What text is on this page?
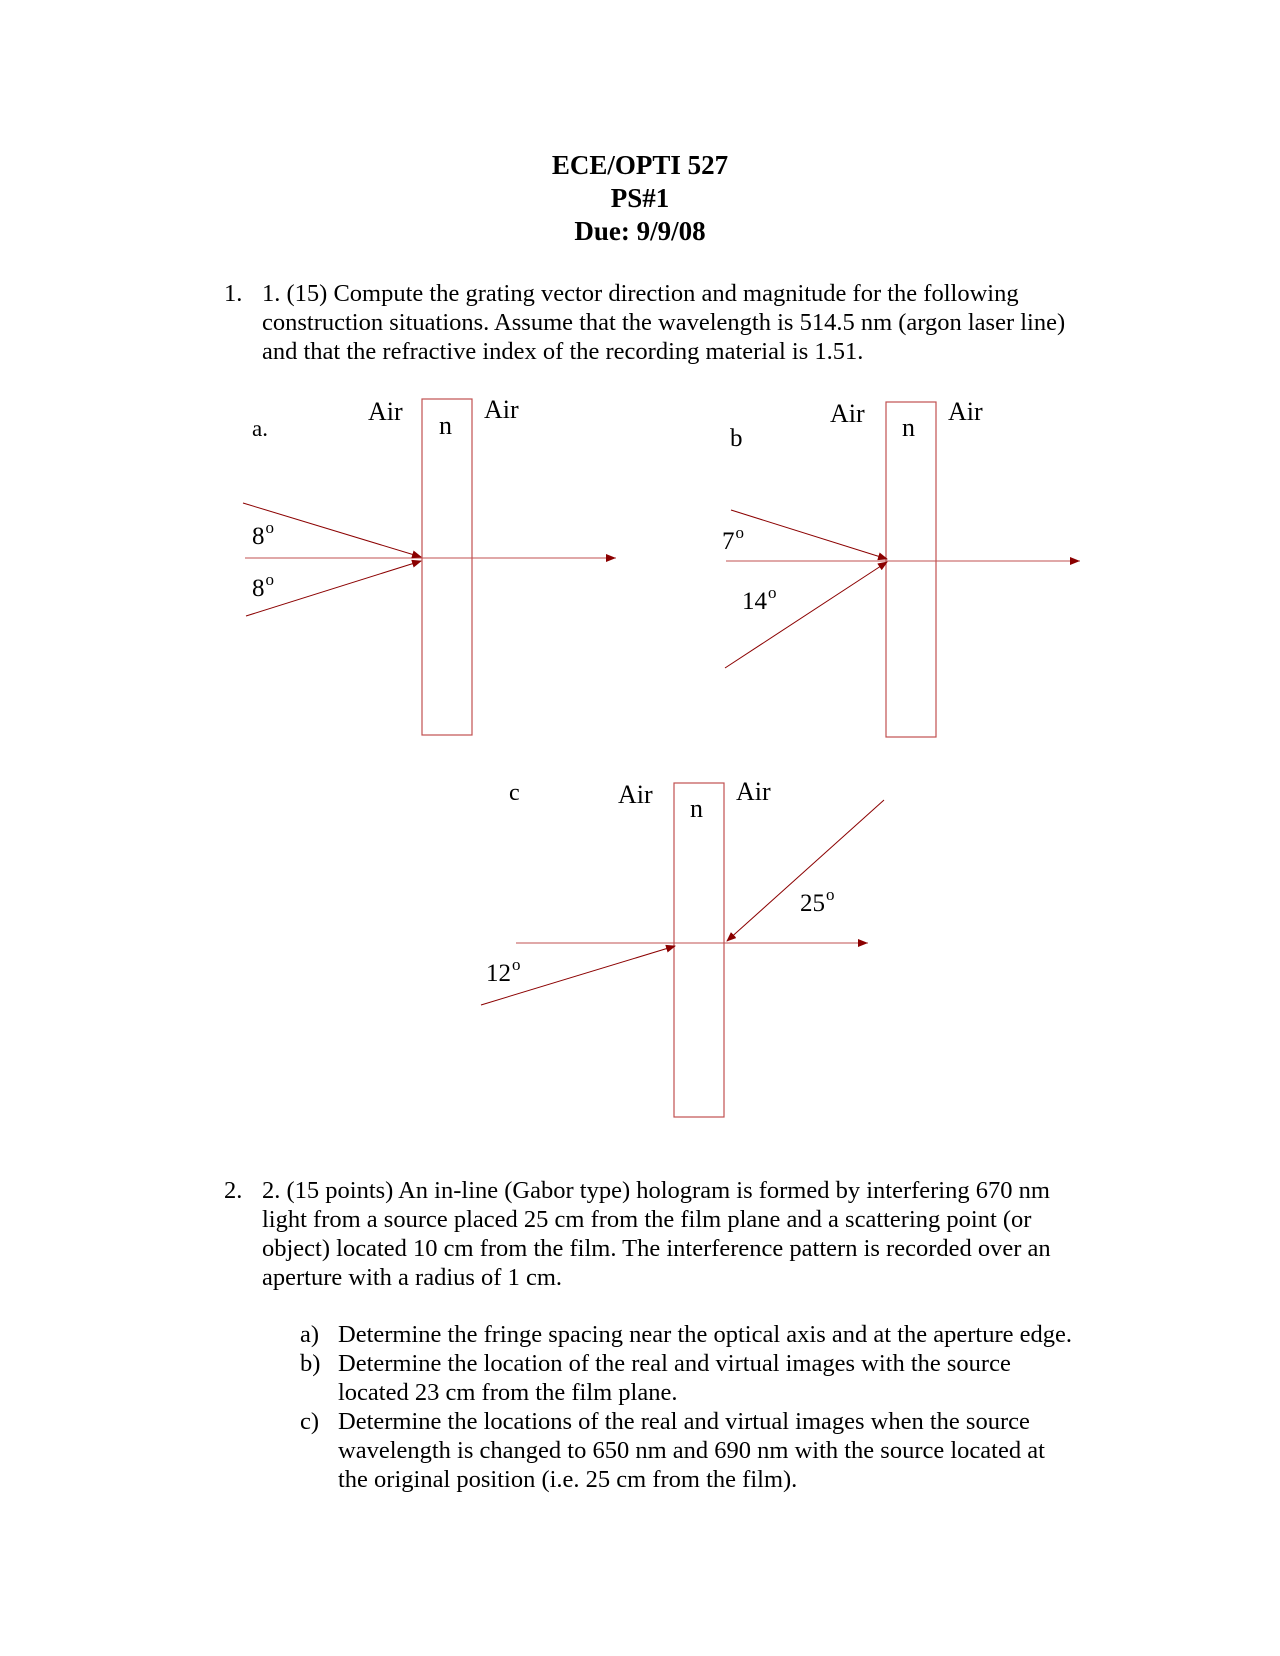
ECE/OPTI 527
PS#1
Due: 9/9/08
1. 1. (15) Compute the grating vector direction and magnitude for the following
construction situations. Assume that the wavelength is 514.5 nm (argon laser line)
and that the refractive index of the recording material is 1.51.
a.
Air n
Air
8$^o$
8$^o$
b
Air n
Air
7$^o$
14$^o$
c	Air n
Air
12$^o$
25$^o$
2. 2. (15 points) An in-line (Gabor type) hologram is formed by interfering 670 nm
light from a source placed 25 cm from the film plane and a scattering point (or
object) located 10 cm from the film. The interference pattern is recorded over an
aperture with a radius of 1 cm.
a) Determine the fringe spacing near the optical axis and at the aperture edge.
b) Determine the location of the real and virtual images with the source
located 23 cm from the film plane.
c) Determine the locations of the real and virtual images when the source
wavelength is changed to 650 nm and 690 nm with the source located at
the original position (i.e. 25 cm from the film).
